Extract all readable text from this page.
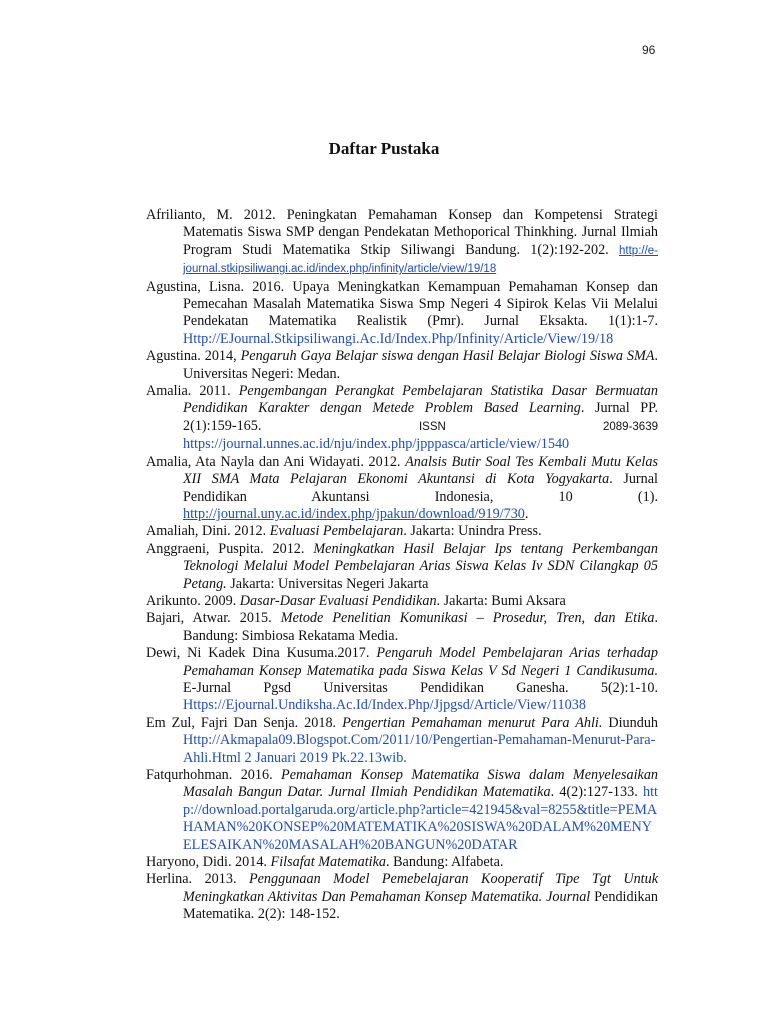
96
Daftar Pustaka

Afrilianto, M. 2012. Peningkatan Pemahaman Konsep dan Kompetensi Strategi Matematis Siswa SMP dengan Pendekatan Methoporical Thinkhing. Jurnal Ilmiah Program Studi Matematika Stkip Siliwangi Bandung. 1(2):192-202. http://e-journal.stkipsiliwangi.ac.id/index.php/infinity/article/view/19/18

Agustina, Lisna. 2016. Upaya Meningkatkan Kemampuan Pemahaman Konsep dan Pemecahan Masalah Matematika Siswa Smp Negeri 4 Sipirok Kelas Vii Melalui Pendekatan Matematika Realistik (Pmr). Jurnal Eksakta. 1(1):1-7. Http://EJournal.Stkipsiliwangi.Ac.Id/Index.Php/Infinity/Article/View/19/18

Agustina. 2014, Pengaruh Gaya Belajar siswa dengan Hasil Belajar Biologi Siswa SMA. Universitas Negeri: Medan.

Amalia. 2011. Pengembangan Perangkat Pembelajaran Statistika Dasar Bermuatan Pendidikan Karakter dengan Metede Problem Based Learning. Jurnal PP. 2(1):159-165. ISSN 2089-3639 https://journal.unnes.ac.id/nju/index.php/jpppasca/article/view/1540

Amalia, Ata Nayla dan Ani Widayati. 2012. Analsis Butir Soal Tes Kembali Mutu Kelas XII SMA Mata Pelajaran Ekonomi Akuntansi di Kota Yogyakarta. Jurnal Pendidikan Akuntansi Indonesia, 10 (1). http://journal.uny.ac.id/index.php/jpakun/download/919/730.

Amaliah, Dini. 2012. Evaluasi Pembelajaran. Jakarta: Unindra Press.

Anggraeni, Puspita. 2012. Meningkatkan Hasil Belajar Ips tentang Perkembangan Teknologi Melalui Model Pembelajaran Arias Siswa Kelas Iv SDN Cilangkap 05 Petang. Jakarta: Universitas Negeri Jakarta

Arikunto. 2009. Dasar-Dasar Evaluasi Pendidikan. Jakarta: Bumi Aksara

Bajari, Atwar. 2015. Metode Penelitian Komunikasi – Prosedur, Tren, dan Etika. Bandung: Simbiosa Rekatama Media.

Dewi, Ni Kadek Dina Kusuma.2017. Pengaruh Model Pembelajaran Arias terhadap Pemahaman Konsep Matematika pada Siswa Kelas V Sd Negeri 1 Candikusuma. E-Jurnal Pgsd Universitas Pendidikan Ganesha. 5(2):1-10. Https://Ejournal.Undiksha.Ac.Id/Index.Php/Jjpgsd/Article/View/11038

Em Zul, Fajri Dan Senja. 2018. Pengertian Pemahaman menurut Para Ahli. Diunduh Http://Akmapala09.Blogspot.Com/2011/10/Pengertian-Pemahaman-Menurut-Para-Ahli.Html 2 Januari 2019 Pk.22.13wib.

Fatqurhohman. 2016. Pemahaman Konsep Matematika Siswa dalam Menyelesaikan Masalah Bangun Datar. Jurnal Ilmiah Pendidikan Matematika. 4(2):127-133. http://download.portalgaruda.org/article.php?article=421945&val=8255&title=PEMAHAMAN%20KONSEP%20MATEMATIKA%20SISWA%20DALAM%20MENYELESAIKAN%20MASALAH%20BANGUN%20DATAR

Haryono, Didi. 2014. Filsafat Matematika. Bandung: Alfabeta.

Herlina. 2013. Penggunaan Model Pemebelajaran Kooperatif Tipe Tgt Untuk Meningkatkan Aktivitas Dan Pemahaman Konsep Matematika. Journal Pendidikan Matematika. 2(2): 148-152.
